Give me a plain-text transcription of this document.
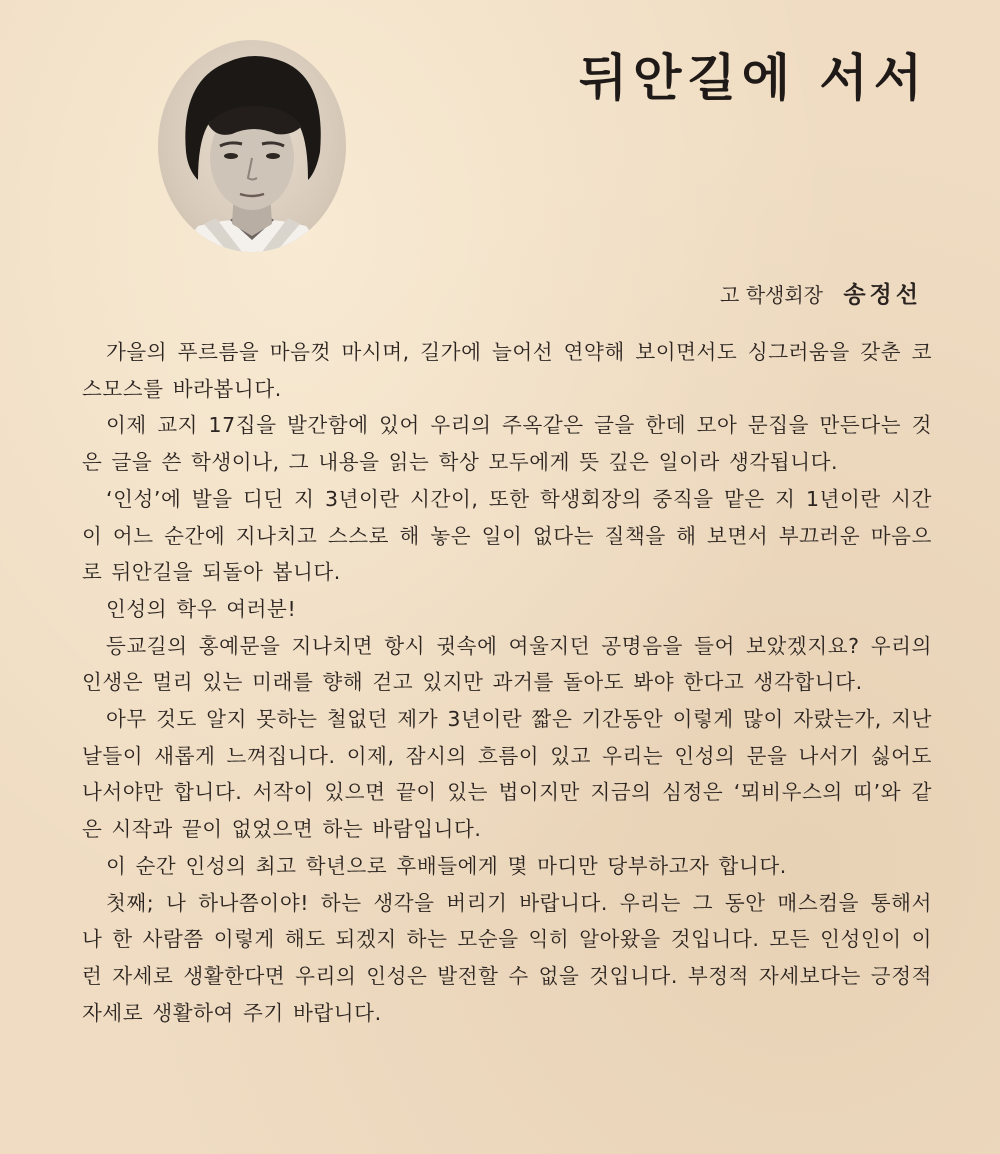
뒤안길에 서서
고 학생회장 송정선

가을의 푸르름을 마음껏 마시며, 길가에 늘어선 연약해 보이면서도 싱그러움을 갖춘 코스모스를 바라봅니다.

이제 교지 17집을 발간함에 있어 우리의 주옥같은 글을 한데 모아 문집을 만든다는 것은 글을 쓴 학생이나, 그 내용을 읽는 학상 모두에게 뜻 깊은 일이라 생각됩니다.

‘인성’에 발을 디딘 지 3년이란 시간이, 또한 학생회장의 중직을 맡은 지 1년이란 시간이 어느 순간에 지나치고 스스로 해 놓은 일이 없다는 질책을 해 보면서 부끄러운 마음으로 뒤안길을 되돌아 봅니다.

인성의 학우 여러분!

등교길의 홍예문을 지나치면 항시 귓속에 여울지던 공명음을 들어 보았겠지요? 우리의 인생은 멀리 있는 미래를 향해 걷고 있지만 과거를 돌아도 봐야 한다고 생각합니다.

아무 것도 알지 못하는 철없던 제가 3년이란 짧은 기간동안 이렇게 많이 자랐는가, 지난 날들이 새롭게 느껴집니다. 이제, 잠시의 흐름이 있고 우리는 인성의 문을 나서기 싫어도 나서야만 합니다. 서작이 있으면 끝이 있는 법이지만 지금의 심정은 ‘뫼비우스의 띠’와 같은 시작과 끝이 없었으면 하는 바람입니다.

이 순간 인성의 최고 학년으로 후배들에게 몇 마디만 당부하고자 합니다.

첫째; 나 하나쯤이야! 하는 생각을 버리기 바랍니다. 우리는 그 동안 매스컴을 통해서 나 한 사람쯤 이렇게 해도 되겠지 하는 모순을 익히 알아왔을 것입니다. 모든 인성인이 이런 자세로 생활한다면 우리의 인성은 발전할 수 없을 것입니다. 부정적 자세보다는 긍정적 자세로 생활하여 주기 바랍니다.
